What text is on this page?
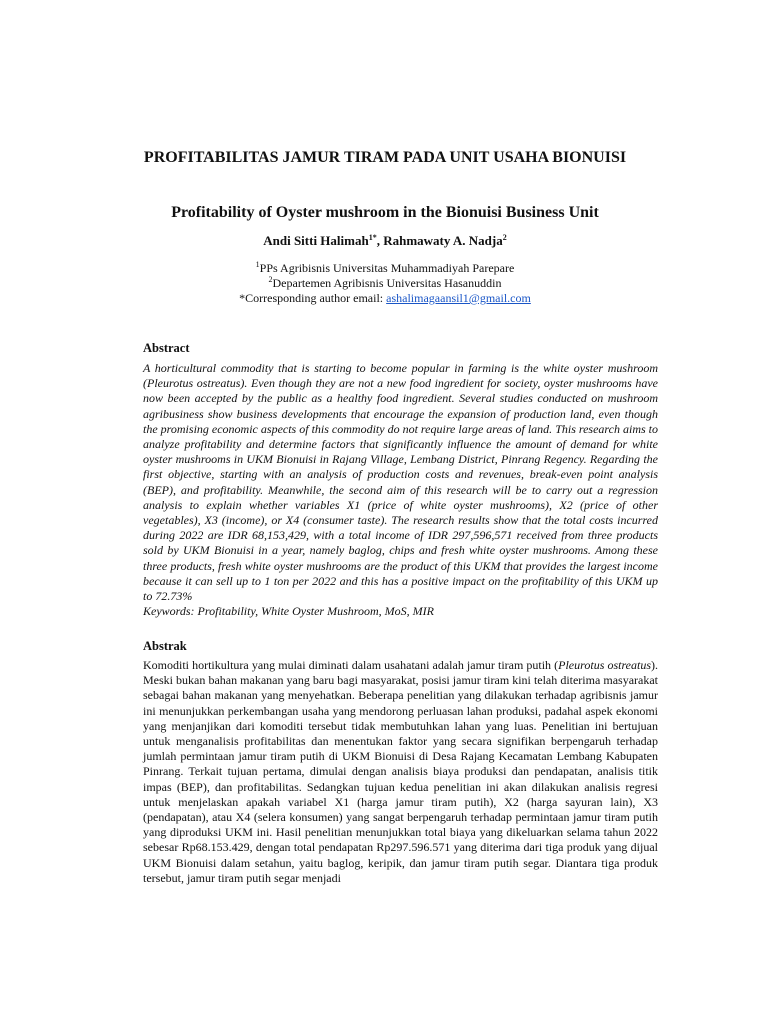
PROFITABILITAS JAMUR TIRAM PADA UNIT USAHA BIONUISI
Profitability of Oyster mushroom in the Bionuisi Business Unit
Andi Sitti Halimah$^{1*}$, Rahmawaty A. Nadja$^2$
$^1$PPs Agribisnis Universitas Muhammadiyah Parepare
$^2$Departemen Agribisnis Universitas Hasanuddin
*Corresponding author email: ashalimagaansil1@gmail.com
Abstract
A horticultural commodity that is starting to become popular in farming is the white oyster mushroom (Pleurotus ostreatus). Even though they are not a new food ingredient for society, oyster mushrooms have now been accepted by the public as a healthy food ingredient. Several studies conducted on mushroom agribusiness show business developments that encourage the expansion of production land, even though the promising economic aspects of this commodity do not require large areas of land. This research aims to analyze profitability and determine factors that significantly influence the amount of demand for white oyster mushrooms in UKM Bionuisi in Rajang Village, Lembang District, Pinrang Regency. Regarding the first objective, starting with an analysis of production costs and revenues, break-even point analysis (BEP), and profitability. Meanwhile, the second aim of this research will be to carry out a regression analysis to explain whether variables X1 (price of white oyster mushrooms), X2 (price of other vegetables), X3 (income), or X4 (consumer taste). The research results show that the total costs incurred during 2022 are IDR 68,153,429, with a total income of IDR 297,596,571 received from three products sold by UKM Bionuisi in a year, namely baglog, chips and fresh white oyster mushrooms. Among these three products, fresh white oyster mushrooms are the product of this UKM that provides the largest income because it can sell up to 1 ton per 2022 and this has a positive impact on the profitability of this UKM up to 72.73%
Keywords: Profitability, White Oyster Mushroom, MoS, MIR
Abstrak
Komoditi hortikultura yang mulai diminati dalam usahatani adalah jamur tiram putih (Pleurotus ostreatus). Meski bukan bahan makanan yang baru bagi masyarakat, posisi jamur tiram kini telah diterima masyarakat sebagai bahan makanan yang menyehatkan. Beberapa penelitian yang dilakukan terhadap agribisnis jamur ini menunjukkan perkembangan usaha yang mendorong perluasan lahan produksi, padahal aspek ekonomi yang menjanjikan dari komoditi tersebut tidak membutuhkan lahan yang luas. Penelitian ini bertujuan untuk menganalisis profitabilitas dan menentukan faktor yang secara signifikan berpengaruh terhadap jumlah permintaan jamur tiram putih di UKM Bionuisi di Desa Rajang Kecamatan Lembang Kabupaten Pinrang. Terkait tujuan pertama, dimulai dengan analisis biaya produksi dan pendapatan, analisis titik impas (BEP), dan profitabilitas. Sedangkan tujuan kedua penelitian ini akan dilakukan analisis regresi untuk menjelaskan apakah variabel X1 (harga jamur tiram putih), X2 (harga sayuran lain), X3 (pendapatan), atau X4 (selera konsumen) yang sangat berpengaruh terhadap permintaan jamur tiram putih yang diproduksi UKM ini. Hasil penelitian menunjukkan total biaya yang dikeluarkan selama tahun 2022 sebesar Rp68.153.429, dengan total pendapatan Rp297.596.571 yang diterima dari tiga produk yang dijual UKM Bionuisi dalam setahun, yaitu baglog, keripik, dan jamur tiram putih segar. Diantara tiga produk tersebut, jamur tiram putih segar menjadi
